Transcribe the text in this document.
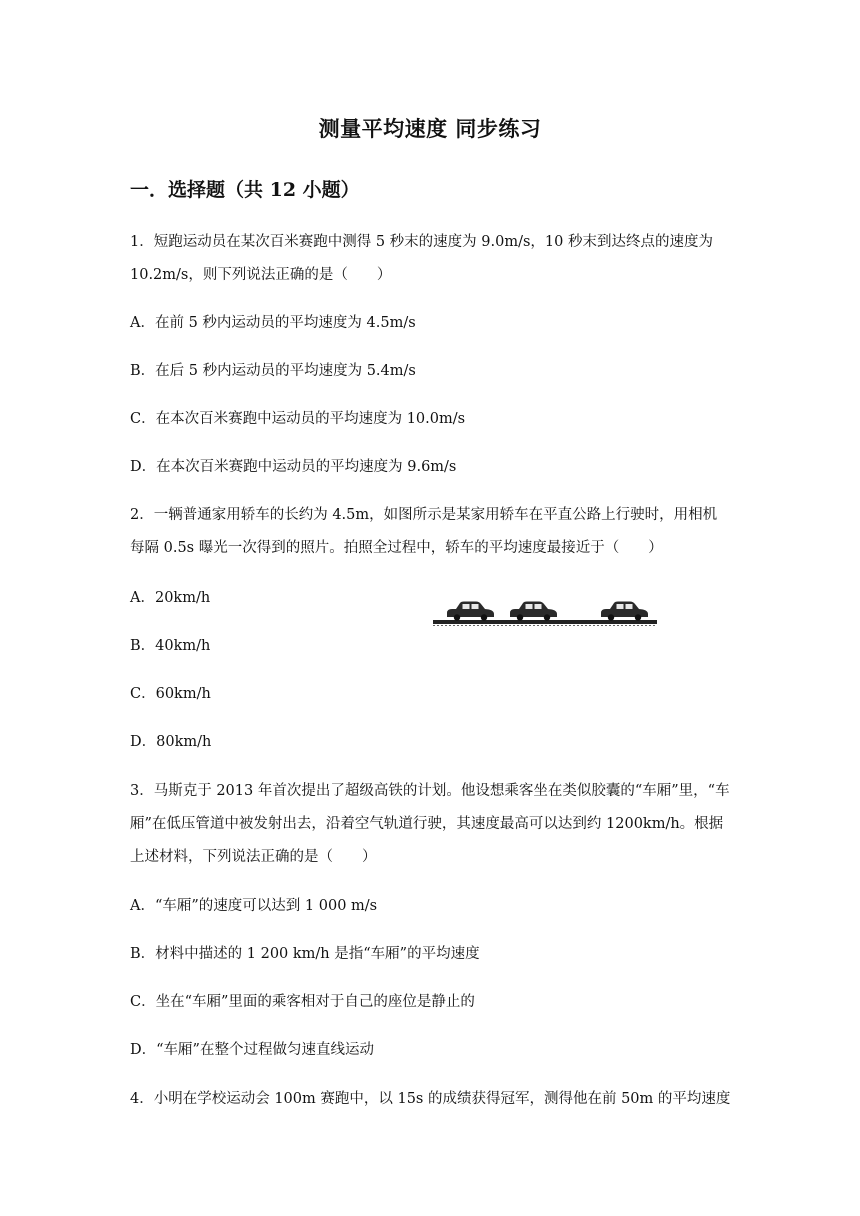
测量平均速度 同步练习
一．选择题（共 12 小题）
1．短跑运动员在某次百米赛跑中测得 5 秒末的速度为 9.0m/s，10 秒末到达终点的速度为
10.2m/s，则下列说法正确的是（　　）
A．在前 5 秒内运动员的平均速度为 4.5m/s
B．在后 5 秒内运动员的平均速度为 5.4m/s
C．在本次百米赛跑中运动员的平均速度为 10.0m/s
D．在本次百米赛跑中运动员的平均速度为 9.6m/s
2．一辆普通家用轿车的长约为 4.5m，如图所示是某家用轿车在平直公路上行驶时，用相机
每隔 0.5s 曝光一次得到的照片。拍照全过程中，轿车的平均速度最接近于（　　）
A．20km/h
B．40km/h
C．60km/h
D．80km/h
3．马斯克于 2013 年首次提出了超级高铁的计划。他设想乘客坐在类似胶囊的“车厢”里，“车
厢”在低压管道中被发射出去，沿着空气轨道行驶，其速度最高可以达到约 1200km/h。根据
上述材料，下列说法正确的是（　　）
A．“车厢”的速度可以达到 1 000 m/s
B．材料中描述的 1 200 km/h 是指“车厢”的平均速度
C．坐在“车厢”里面的乘客相对于自己的座位是静止的
D．“车厢”在整个过程做匀速直线运动
4．小明在学校运动会 100m 赛跑中，以 15s 的成绩获得冠军，测得他在前 50m 的平均速度
